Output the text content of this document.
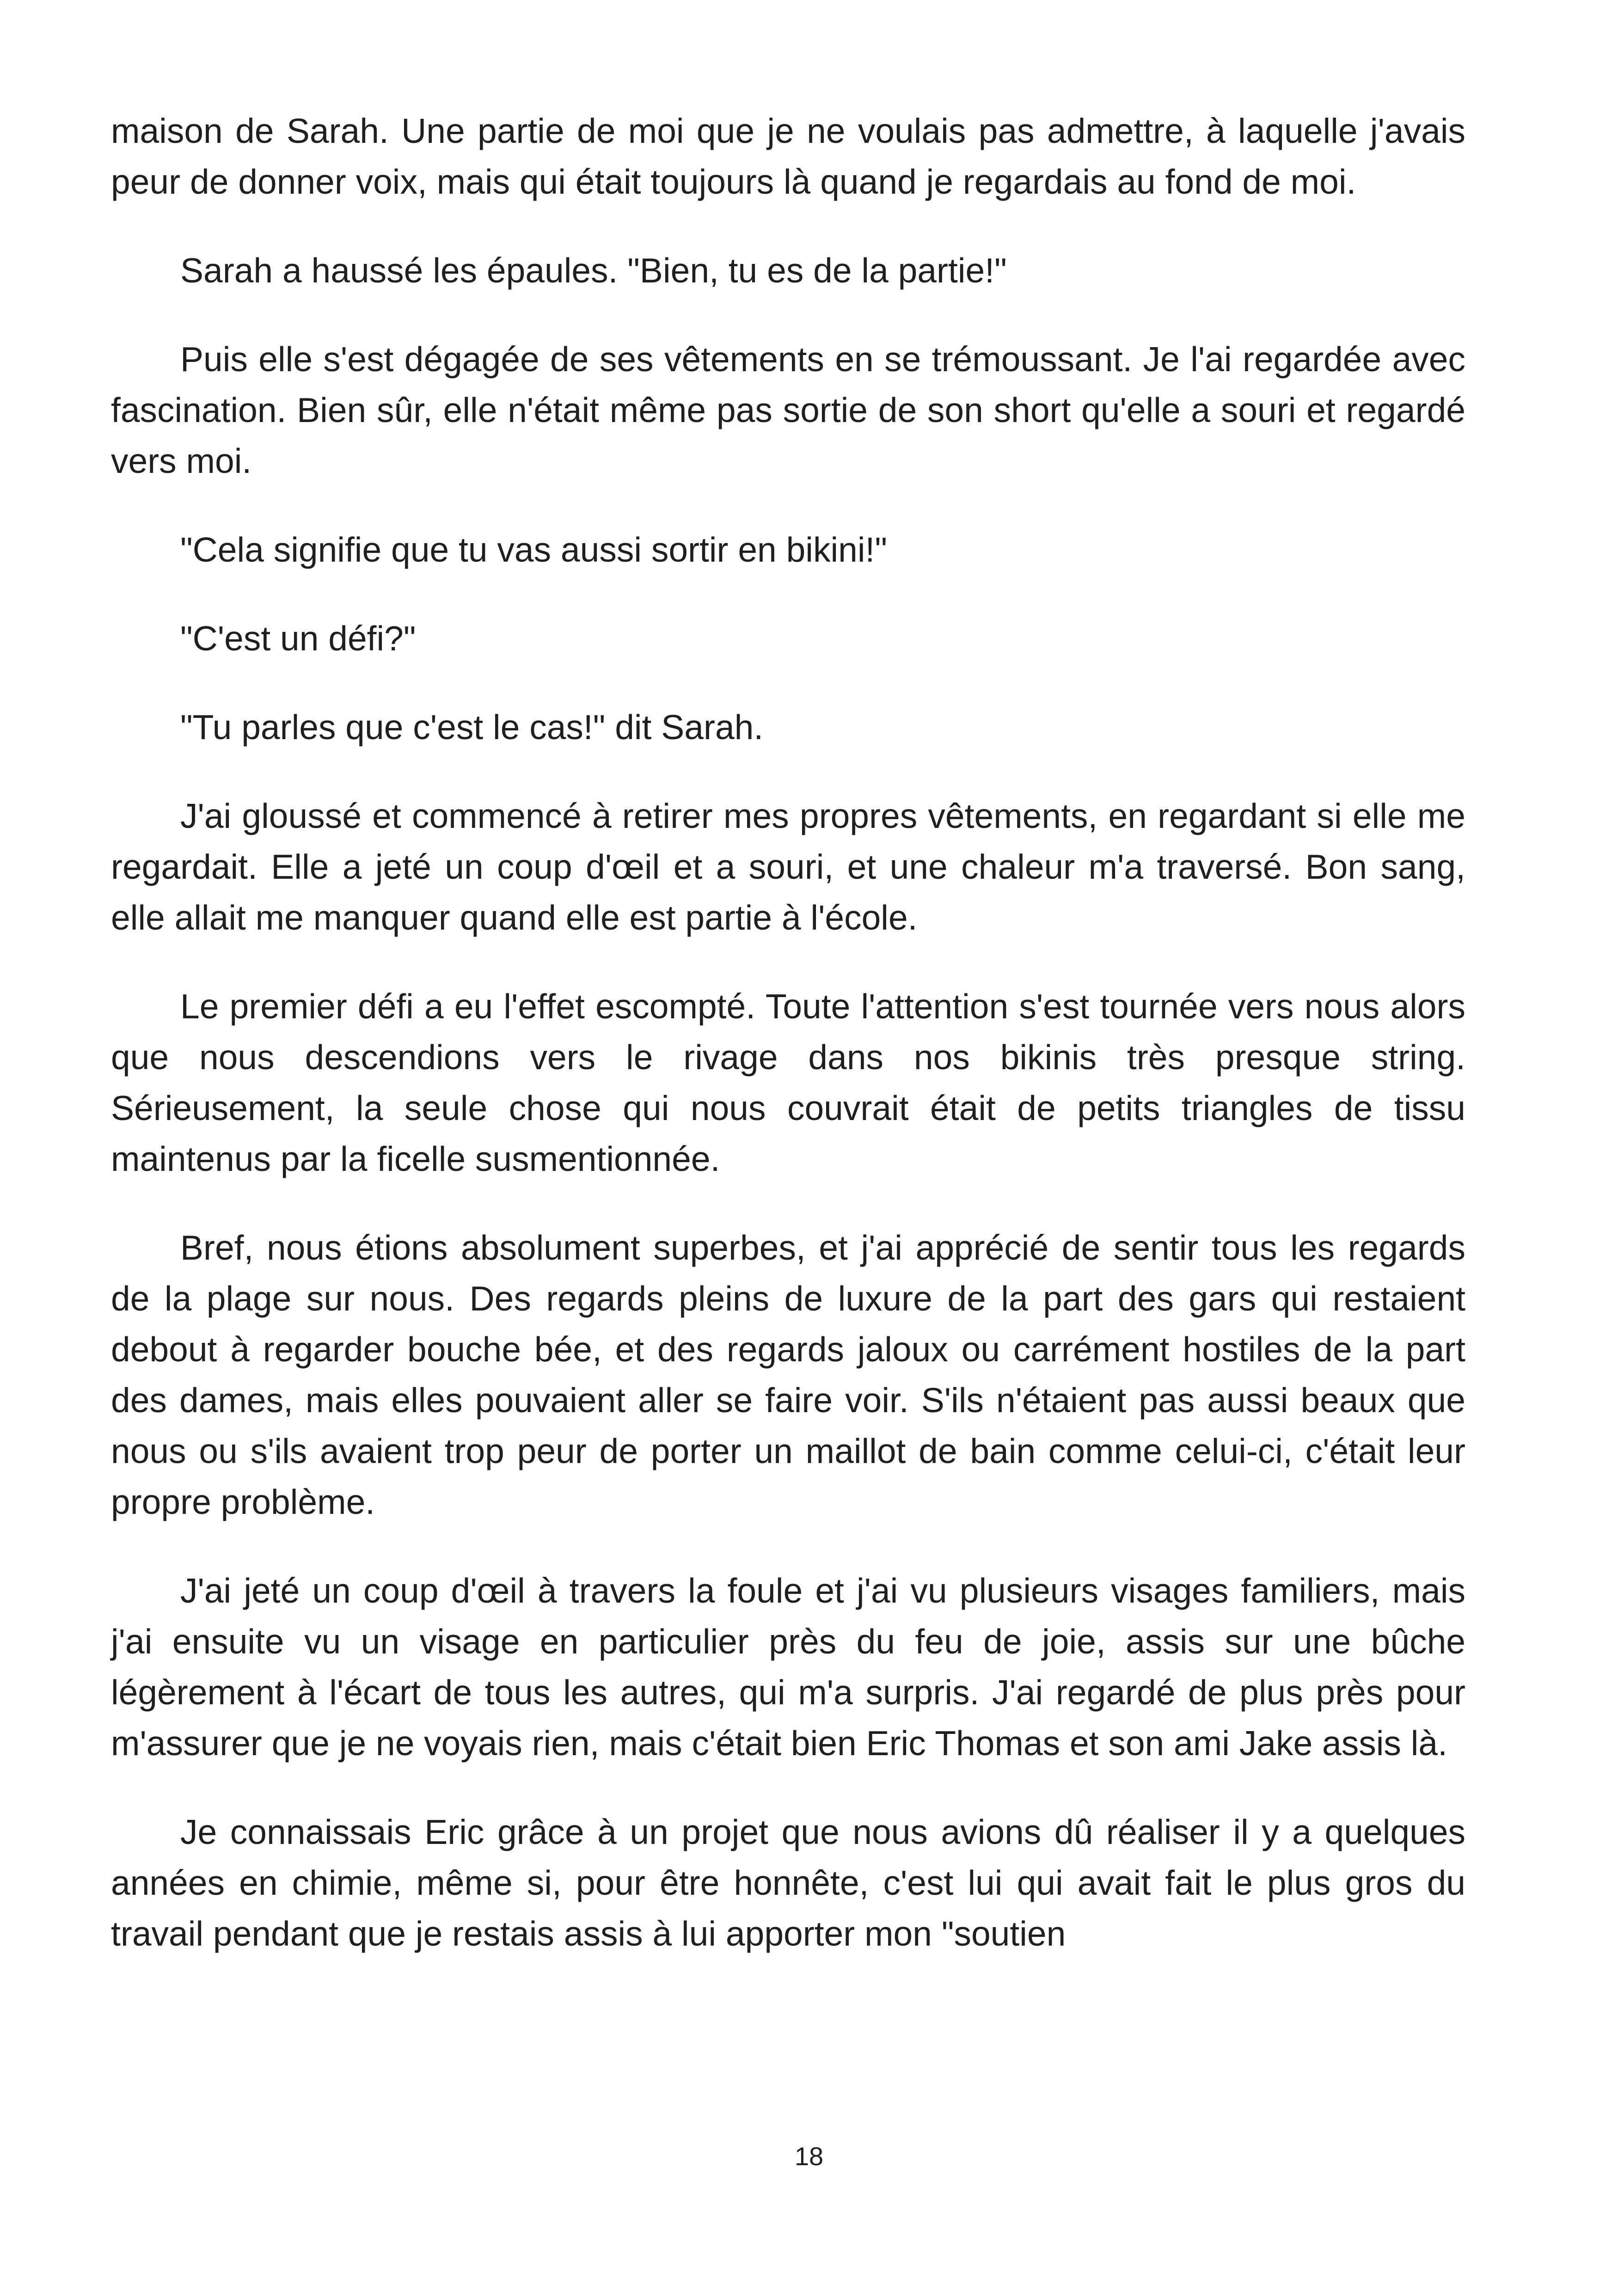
maison de Sarah. Une partie de moi que je ne voulais pas admettre, à laquelle j'avais peur de donner voix, mais qui était toujours là quand je regardais au fond de moi.

Sarah a haussé les épaules. "Bien, tu es de la partie!"

Puis elle s'est dégagée de ses vêtements en se trémoussant. Je l'ai regardée avec fascination. Bien sûr, elle n'était même pas sortie de son short qu'elle a souri et regardé vers moi.

"Cela signifie que tu vas aussi sortir en bikini!"

"C'est un défi?"

"Tu parles que c'est le cas!" dit Sarah.

J'ai gloussé et commencé à retirer mes propres vêtements, en regardant si elle me regardait. Elle a jeté un coup d'œil et a souri, et une chaleur m'a traversé. Bon sang, elle allait me manquer quand elle est partie à l'école.

Le premier défi a eu l'effet escompté. Toute l'attention s'est tournée vers nous alors que nous descendions vers le rivage dans nos bikinis très presque string. Sérieusement, la seule chose qui nous couvrait était de petits triangles de tissu maintenus par la ficelle susmentionnée.

Bref, nous étions absolument superbes, et j'ai apprécié de sentir tous les regards de la plage sur nous. Des regards pleins de luxure de la part des gars qui restaient debout à regarder bouche bée, et des regards jaloux ou carrément hostiles de la part des dames, mais elles pouvaient aller se faire voir. S'ils n'étaient pas aussi beaux que nous ou s'ils avaient trop peur de porter un maillot de bain comme celui-ci, c'était leur propre problème.

J'ai jeté un coup d'œil à travers la foule et j'ai vu plusieurs visages familiers, mais j'ai ensuite vu un visage en particulier près du feu de joie, assis sur une bûche légèrement à l'écart de tous les autres, qui m'a surpris. J'ai regardé de plus près pour m'assurer que je ne voyais rien, mais c'était bien Eric Thomas et son ami Jake assis là.

Je connaissais Eric grâce à un projet que nous avions dû réaliser il y a quelques années en chimie, même si, pour être honnête, c'est lui qui avait fait le plus gros du travail pendant que je restais assis à lui apporter mon "soutien

18
